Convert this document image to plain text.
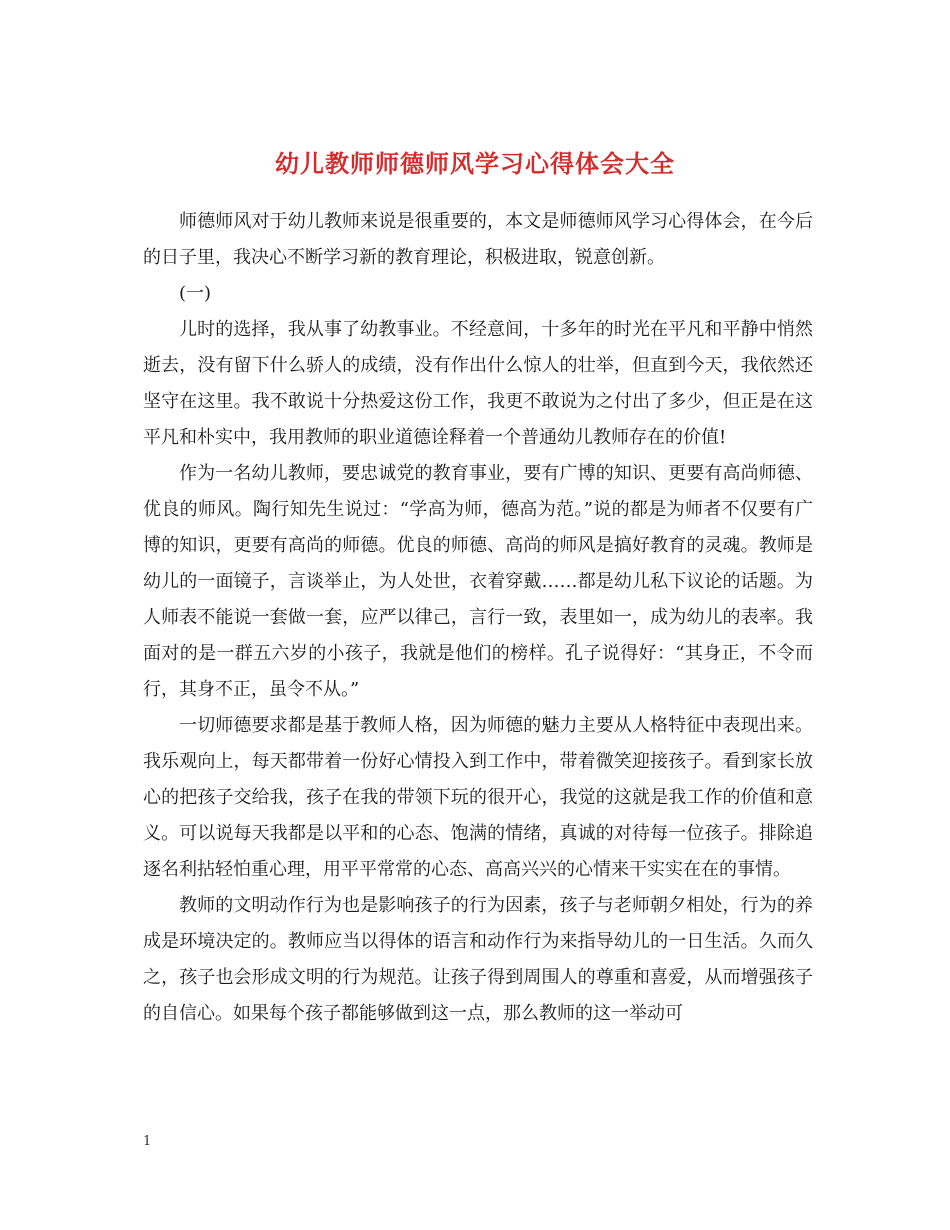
幼儿教师师德师风学习心得体会大全

师德师风对于幼儿教师来说是很重要的，本文是师德师风学习心得体会，在今后的日子里，我决心不断学习新的教育理论，积极进取，锐意创新。

(一)

儿时的选择，我从事了幼教事业。不经意间，十多年的时光在平凡和平静中悄然逝去，没有留下什么骄人的成绩，没有作出什么惊人的壮举，但直到今天，我依然还坚守在这里。我不敢说十分热爱这份工作，我更不敢说为之付出了多少，但正是在这平凡和朴实中，我用教师的职业道德诠释着一个普通幼儿教师存在的价值!

作为一名幼儿教师，要忠诚党的教育事业，要有广博的知识、更要有高尚师德、优良的师风。陶行知先生说过：“学高为师，德高为范。”说的都是为师者不仅要有广博的知识，更要有高尚的师德。优良的师德、高尚的师风是搞好教育的灵魂。教师是幼儿的一面镜子，言谈举止，为人处世，衣着穿戴……都是幼儿私下议论的话题。为人师表不能说一套做一套，应严以律己，言行一致，表里如一，成为幼儿的表率。我面对的是一群五六岁的小孩子，我就是他们的榜样。孔子说得好：“其身正，不令而行，其身不正，虽令不从。”

一切师德要求都是基于教师人格，因为师德的魅力主要从人格特征中表现出来。我乐观向上，每天都带着一份好心情投入到工作中，带着微笑迎接孩子。看到家长放心的把孩子交给我，孩子在我的带领下玩的很开心，我觉的这就是我工作的价值和意义。可以说每天我都是以平和的心态、饱满的情绪，真诚的对待每一位孩子。排除追逐名利拈轻怕重心理，用平平常常的心态、高高兴兴的心情来干实实在在的事情。

教师的文明动作行为也是影响孩子的行为因素，孩子与老师朝夕相处，行为的养成是环境决定的。教师应当以得体的语言和动作行为来指导幼儿的一日生活。久而久之，孩子也会形成文明的行为规范。让孩子得到周围人的尊重和喜爱，从而增强孩子的自信心。如果每个孩子都能够做到这一点，那么教师的这一举动可

1
